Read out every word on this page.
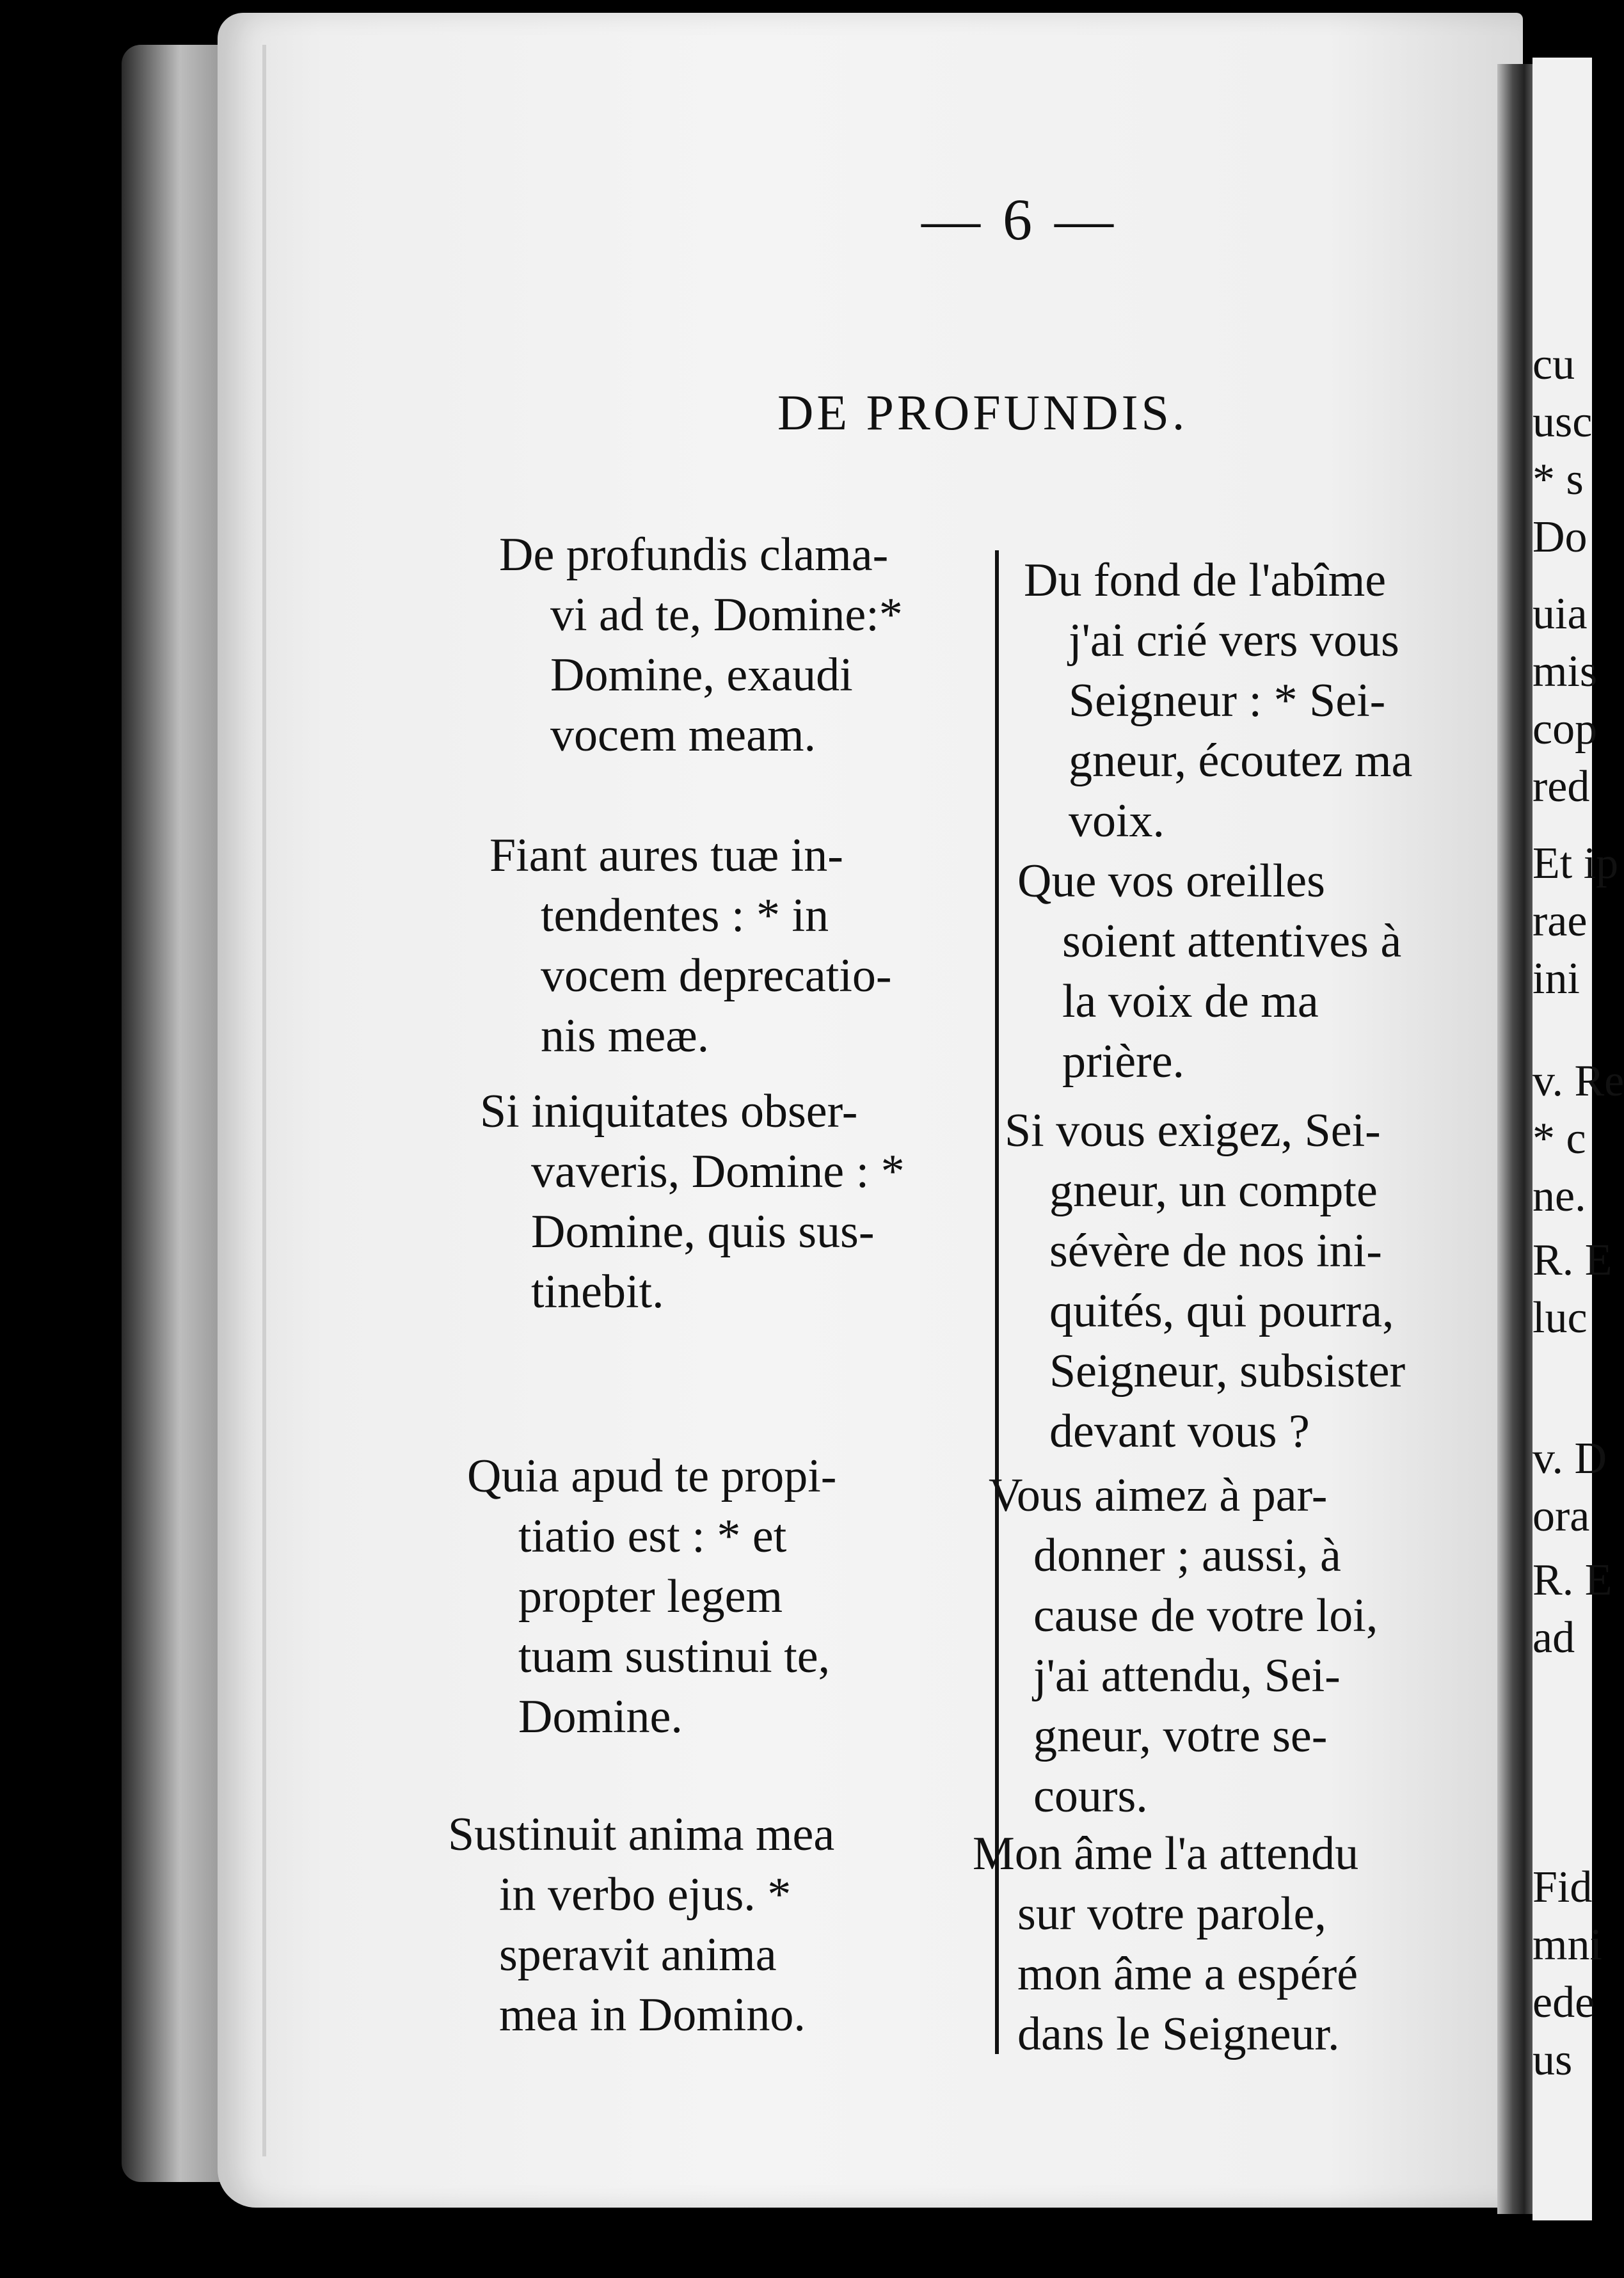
— 6 —
DE PROFUNDIS.

De profundis clama-
vi ad te, Domine:*
Domine, exaudi
vocem meam.

Du fond de l'abîme
j'ai crié vers vous
Seigneur : * Sei-
gneur, écoutez ma
voix.

Fiant aures tuæ in-
tendentes : * in
vocem deprecatio-
nis meæ.

Que vos oreilles
soient attentives à
la voix de ma
prière.

Si iniquitates obser-
vaveris, Domine : *
Domine, quis sus-
tinebit.

Si vous exigez, Sei-
gneur, un compte
sévère de nos ini-
quités, qui pourra,
Seigneur, subsister
devant vous ?

Quia apud te propi-
tiatio est : * et
propter legem
tuam sustinui te,
Domine.

Vous aimez à par-
donner ; aussi, à
cause de votre loi,
j'ai attendu, Sei-
gneur, votre se-
cours.

Sustinuit anima mea
in verbo ejus. *
speravit anima
mea in Domino.

Mon âme l'a attendu
sur votre parole,
mon âme a espéré
dans le Seigneur.

cu
usc
* s
Do
uia
mis
cop
red
Et ip
rae
ini
v. Re
* c
ne.
R. E
luc
v. D
ora
R. E
ad
Fid
mni
ede
us
